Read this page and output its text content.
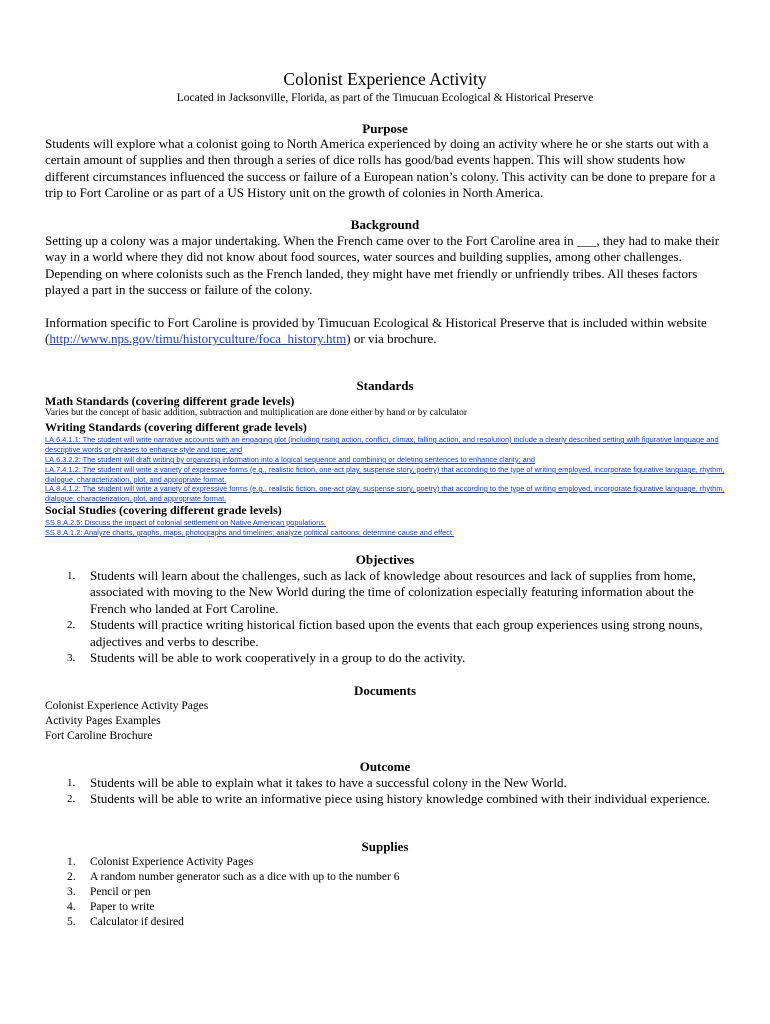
Colonist Experience Activity
Located in Jacksonville, Florida, as part of the Timucuan Ecological & Historical Preserve
Purpose
Students will explore what a colonist going to North America experienced by doing an activity where he or she starts out with a certain amount of supplies and then through a series of dice rolls has good/bad events happen. This will show students how different circumstances influenced the success or failure of a European nation’s colony. This activity can be done to prepare for a trip to Fort Caroline or as part of a US History unit on the growth of colonies in North America.
Background
Setting up a colony was a major undertaking. When the French came over to the Fort Caroline area in ___, they had to make their way in a world where they did not know about food sources, water sources and building supplies, among other challenges. Depending on where colonists such as the French landed, they might have met friendly or unfriendly tribes. All theses factors played a part in the success or failure of the colony.
Information specific to Fort Caroline is provided by Timucuan Ecological & Historical Preserve that is included within website (http://www.nps.gov/timu/historyculture/foca_history.htm) or via brochure.
Standards
Math Standards (covering different grade levels)
Varies but the concept of basic addition, subtraction and multiplication are done either by hand or by calculator
Writing Standards (covering different grade levels)
LA.6.4.1.1: The student will write narrative accounts with an engaging plot (including rising action, conflict, climax, falling action, and resolution) include a clearly described setting with figurative language and descriptive words or phrases to enhance style and tone; and
LA.6.3.2.2: The student will draft writing by organizing information into a logical sequence and combining or deleting sentences to enhance clarity; and
LA.7.4.1.2: The student will write a variety of expressive forms (e.g., realistic fiction, one-act play, suspense story, poetry) that according to the type of writing employed, incorporate figurative language, rhythm, dialogue, characterization, plot, and appropriate format.
LA.8.4.1.2: The student will write a variety of expressive forms (e.g., realistic fiction, one-act play, suspense story, poetry) that according to the type of writing employed, incorporate figurative language, rhythm, dialogue, characterization, plot, and appropriate format.
Social Studies (covering different grade levels)
SS.8.A.2.5: Discuss the impact of colonial settlement on Native American populations.
SS.8.A.1.2: Analyze charts, graphs, maps, photographs and timelines; analyze political cartoons; determine cause and effect.
Objectives
1. Students will learn about the challenges, such as lack of knowledge about resources and lack of supplies from home, associated with moving to the New World during the time of colonization especially featuring information about the French who landed at Fort Caroline.
2. Students will practice writing historical fiction based upon the events that each group experiences using strong nouns, adjectives and verbs to describe.
3. Students will be able to work cooperatively in a group to do the activity.
Documents
Colonist Experience Activity Pages
Activity Pages Examples
Fort Caroline Brochure
Outcome
1. Students will be able to explain what it takes to have a successful colony in the New World.
2. Students will be able to write an informative piece using history knowledge combined with their individual experience.
Supplies
1. Colonist Experience Activity Pages
2. A random number generator such as a dice with up to the number 6
3. Pencil or pen
4. Paper to write
5. Calculator if desired
